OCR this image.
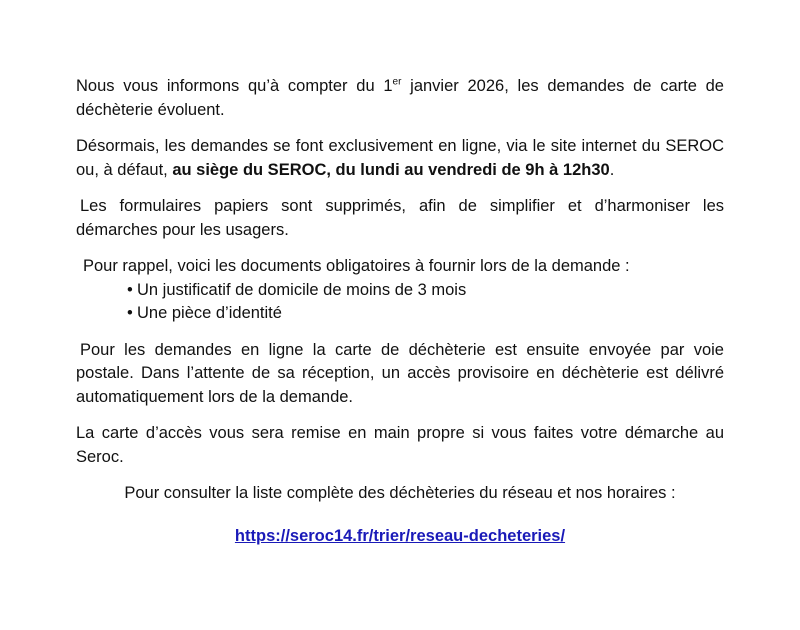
Nous vous informons qu’à compter du 1er janvier 2026, les demandes de carte de déchèterie évoluent.

Désormais, les demandes se font exclusivement en ligne, via le site internet du SEROC ou, à défaut, au siège du SEROC, du lundi au vendredi de 9h à 12h30.

Les formulaires papiers sont supprimés, afin de simplifier et d’harmoniser les démarches pour les usagers.

Pour rappel, voici les documents obligatoires à fournir lors de la demande :

• Un justificatif de domicile de moins de 3 mois
• Une pièce d’identité

Pour les demandes en ligne la carte de déchèterie est ensuite envoyée par voie postale. Dans l’attente de sa réception, un accès provisoire en déchèterie est délivré automatiquement lors de la demande.

La carte d’accès vous sera remise en main propre si vous faites votre démarche au Seroc.

Pour consulter la liste complète des déchèteries du réseau et nos horaires :

https://seroc14.fr/trier/reseau-decheteries/
